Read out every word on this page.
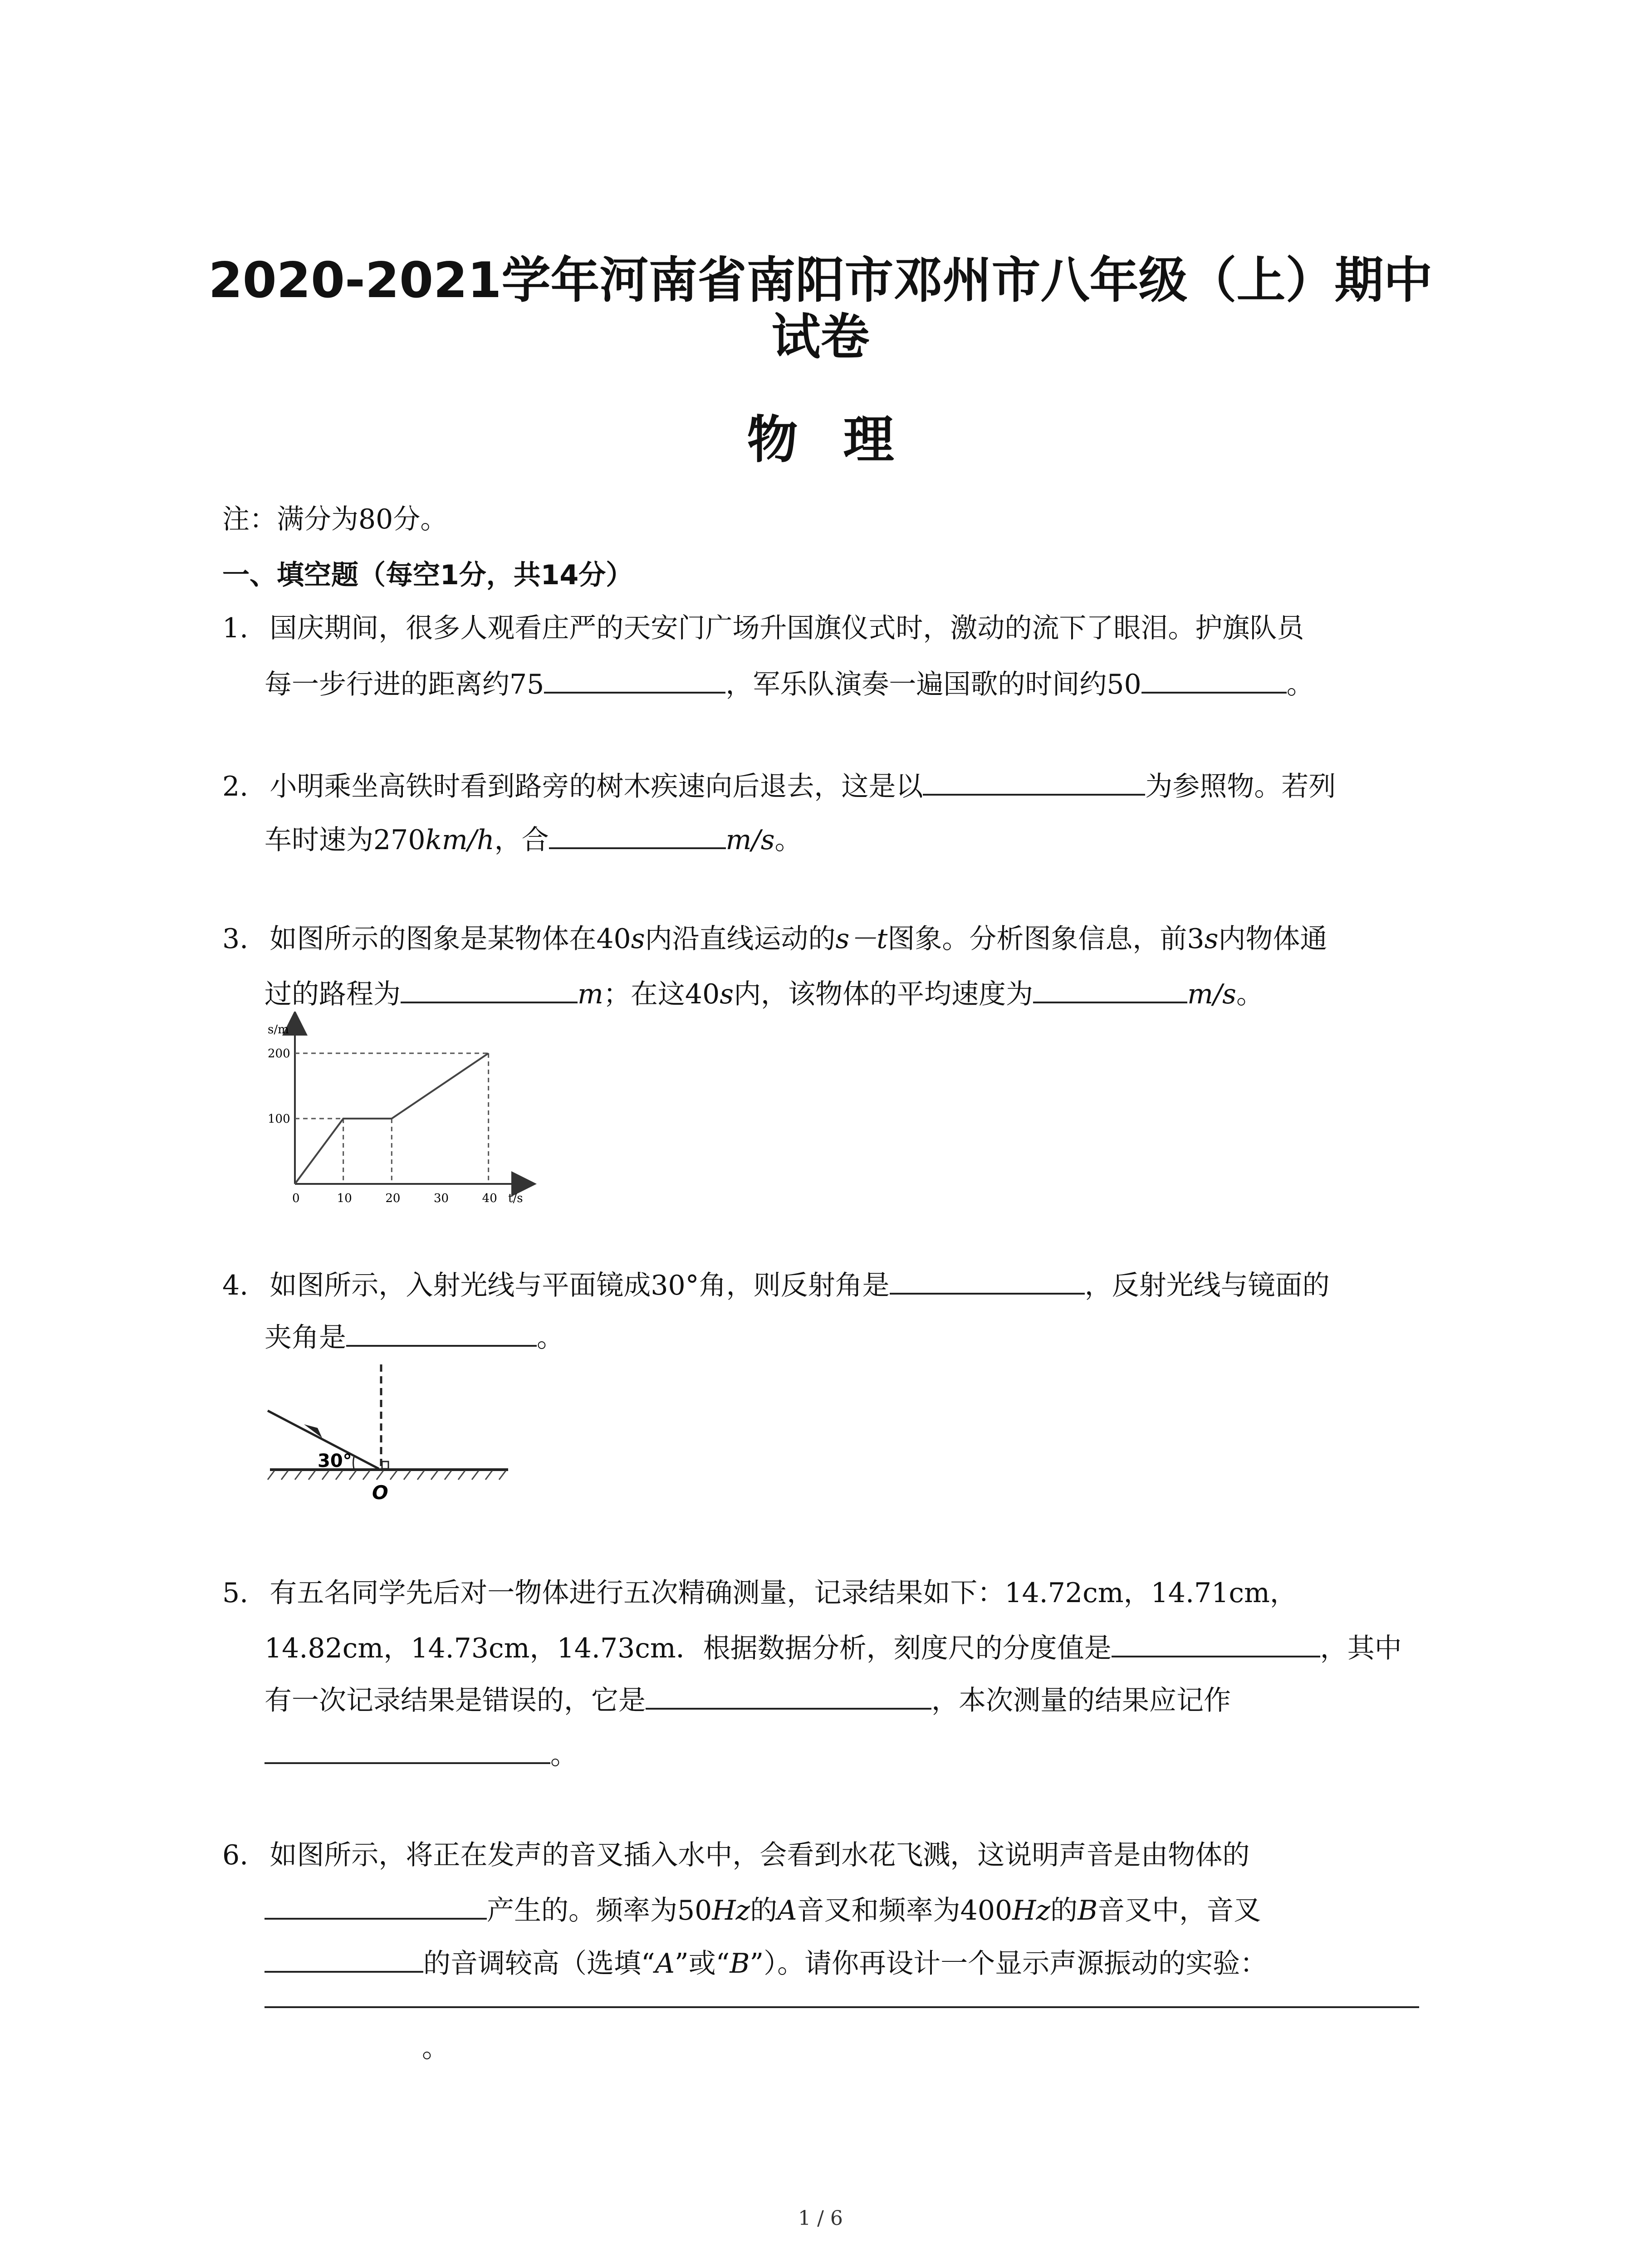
2020-2021学年河南省南阳市邓州市八年级（上）期中
试卷
物理
注：满分为80分。
一、填空题（每空1分，共14分）
1. 国庆期间，很多人观看庄严的天安门广场升国旗仪式时，激动的流下了眼泪。护旗队员
每一步行进的距离约75	，军乐队演奏一遍国歌的时间约50	。
2. 小明乘坐高铁时看到路旁的树木疾速向后退去，这是以	为参照物。若列
车时速为270km/h，合	m/s。
3. 如图所示的图象是某物体在40s内沿直线运动的s－t图象。分析图象信息，前3s内物体通
过的路程为	m；在这40s内，该物体的平均速度为	m/s。
s/m
t/s
0	10	20	30	40
100
200
4. 如图所示，入射光线与平面镜成30°角，则反射角是	，反射光线与镜面的
夹角是	。
30°
O
5. 有五名同学先后对一物体进行五次精确测量，记录结果如下：14.72cm，14.71cm，
14.82cm，14.73cm，14.73cm．根据数据分析，刻度尺的分度值是	，其中
有一次记录结果是错误的，它是	，本次测量的结果应记作
。
6. 如图所示，将正在发声的音叉插入水中，会看到水花飞溅，这说明声音是由物体的
产生的。频率为50Hz的A音叉和频率为400Hz的B音叉中，音叉
的音调较高（选填“A”或“B”）。请你再设计一个显示声源振动的实验：
。
1 / 6
